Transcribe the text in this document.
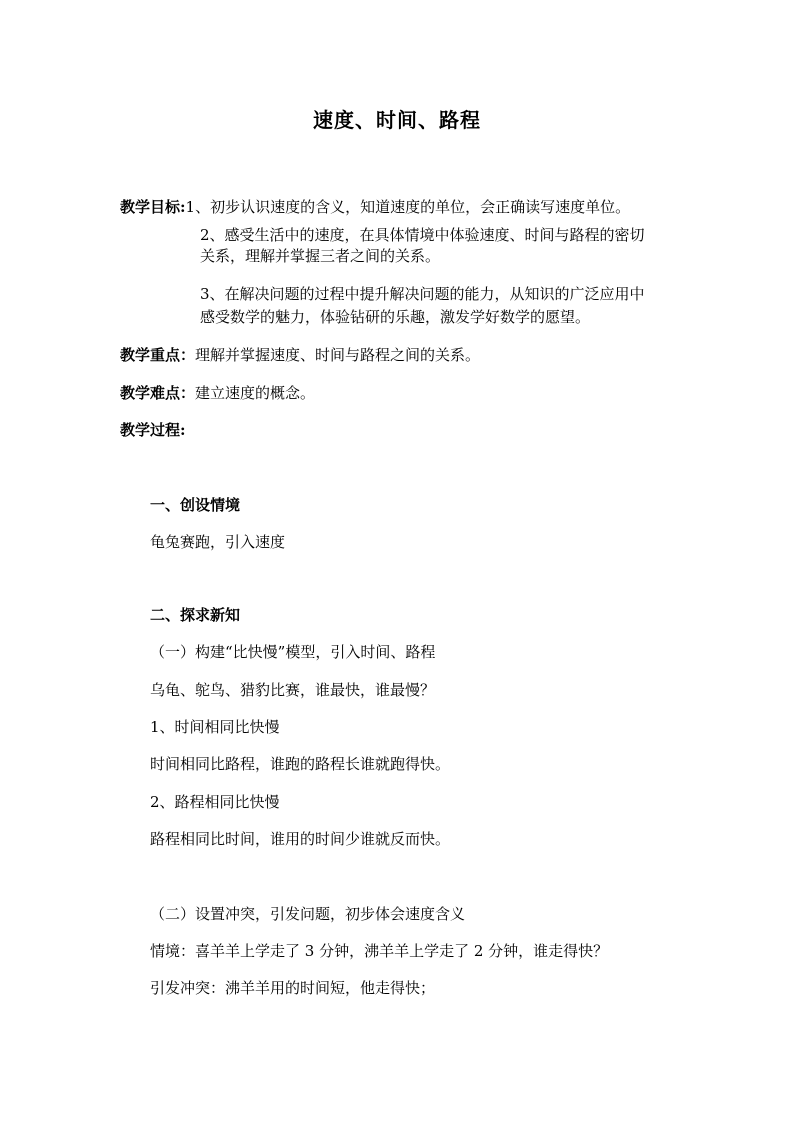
速度、时间、路程
教学目标:1、初步认识速度的含义，知道速度的单位，会正确读写速度单位。
2、感受生活中的速度，在具体情境中体验速度、时间与路程的密切
关系，理解并掌握三者之间的关系。
3、在解决问题的过程中提升解决问题的能力，从知识的广泛应用中
感受数学的魅力，体验钻研的乐趣，激发学好数学的愿望。
教学重点：理解并掌握速度、时间与路程之间的关系。
教学难点：建立速度的概念。
教学过程:
一、创设情境
龟兔赛跑，引入速度
二、探求新知
（一）构建“比快慢”模型，引入时间、路程
乌龟、鸵鸟、猎豹比赛，谁最快，谁最慢？
1、时间相同比快慢
时间相同比路程，谁跑的路程长谁就跑得快。
2、路程相同比快慢
路程相同比时间，谁用的时间少谁就反而快。
（二）设置冲突，引发问题，初步体会速度含义
情境：喜羊羊上学走了 3 分钟，沸羊羊上学走了 2 分钟，谁走得快？
引发冲突：沸羊羊用的时间短，他走得快；
